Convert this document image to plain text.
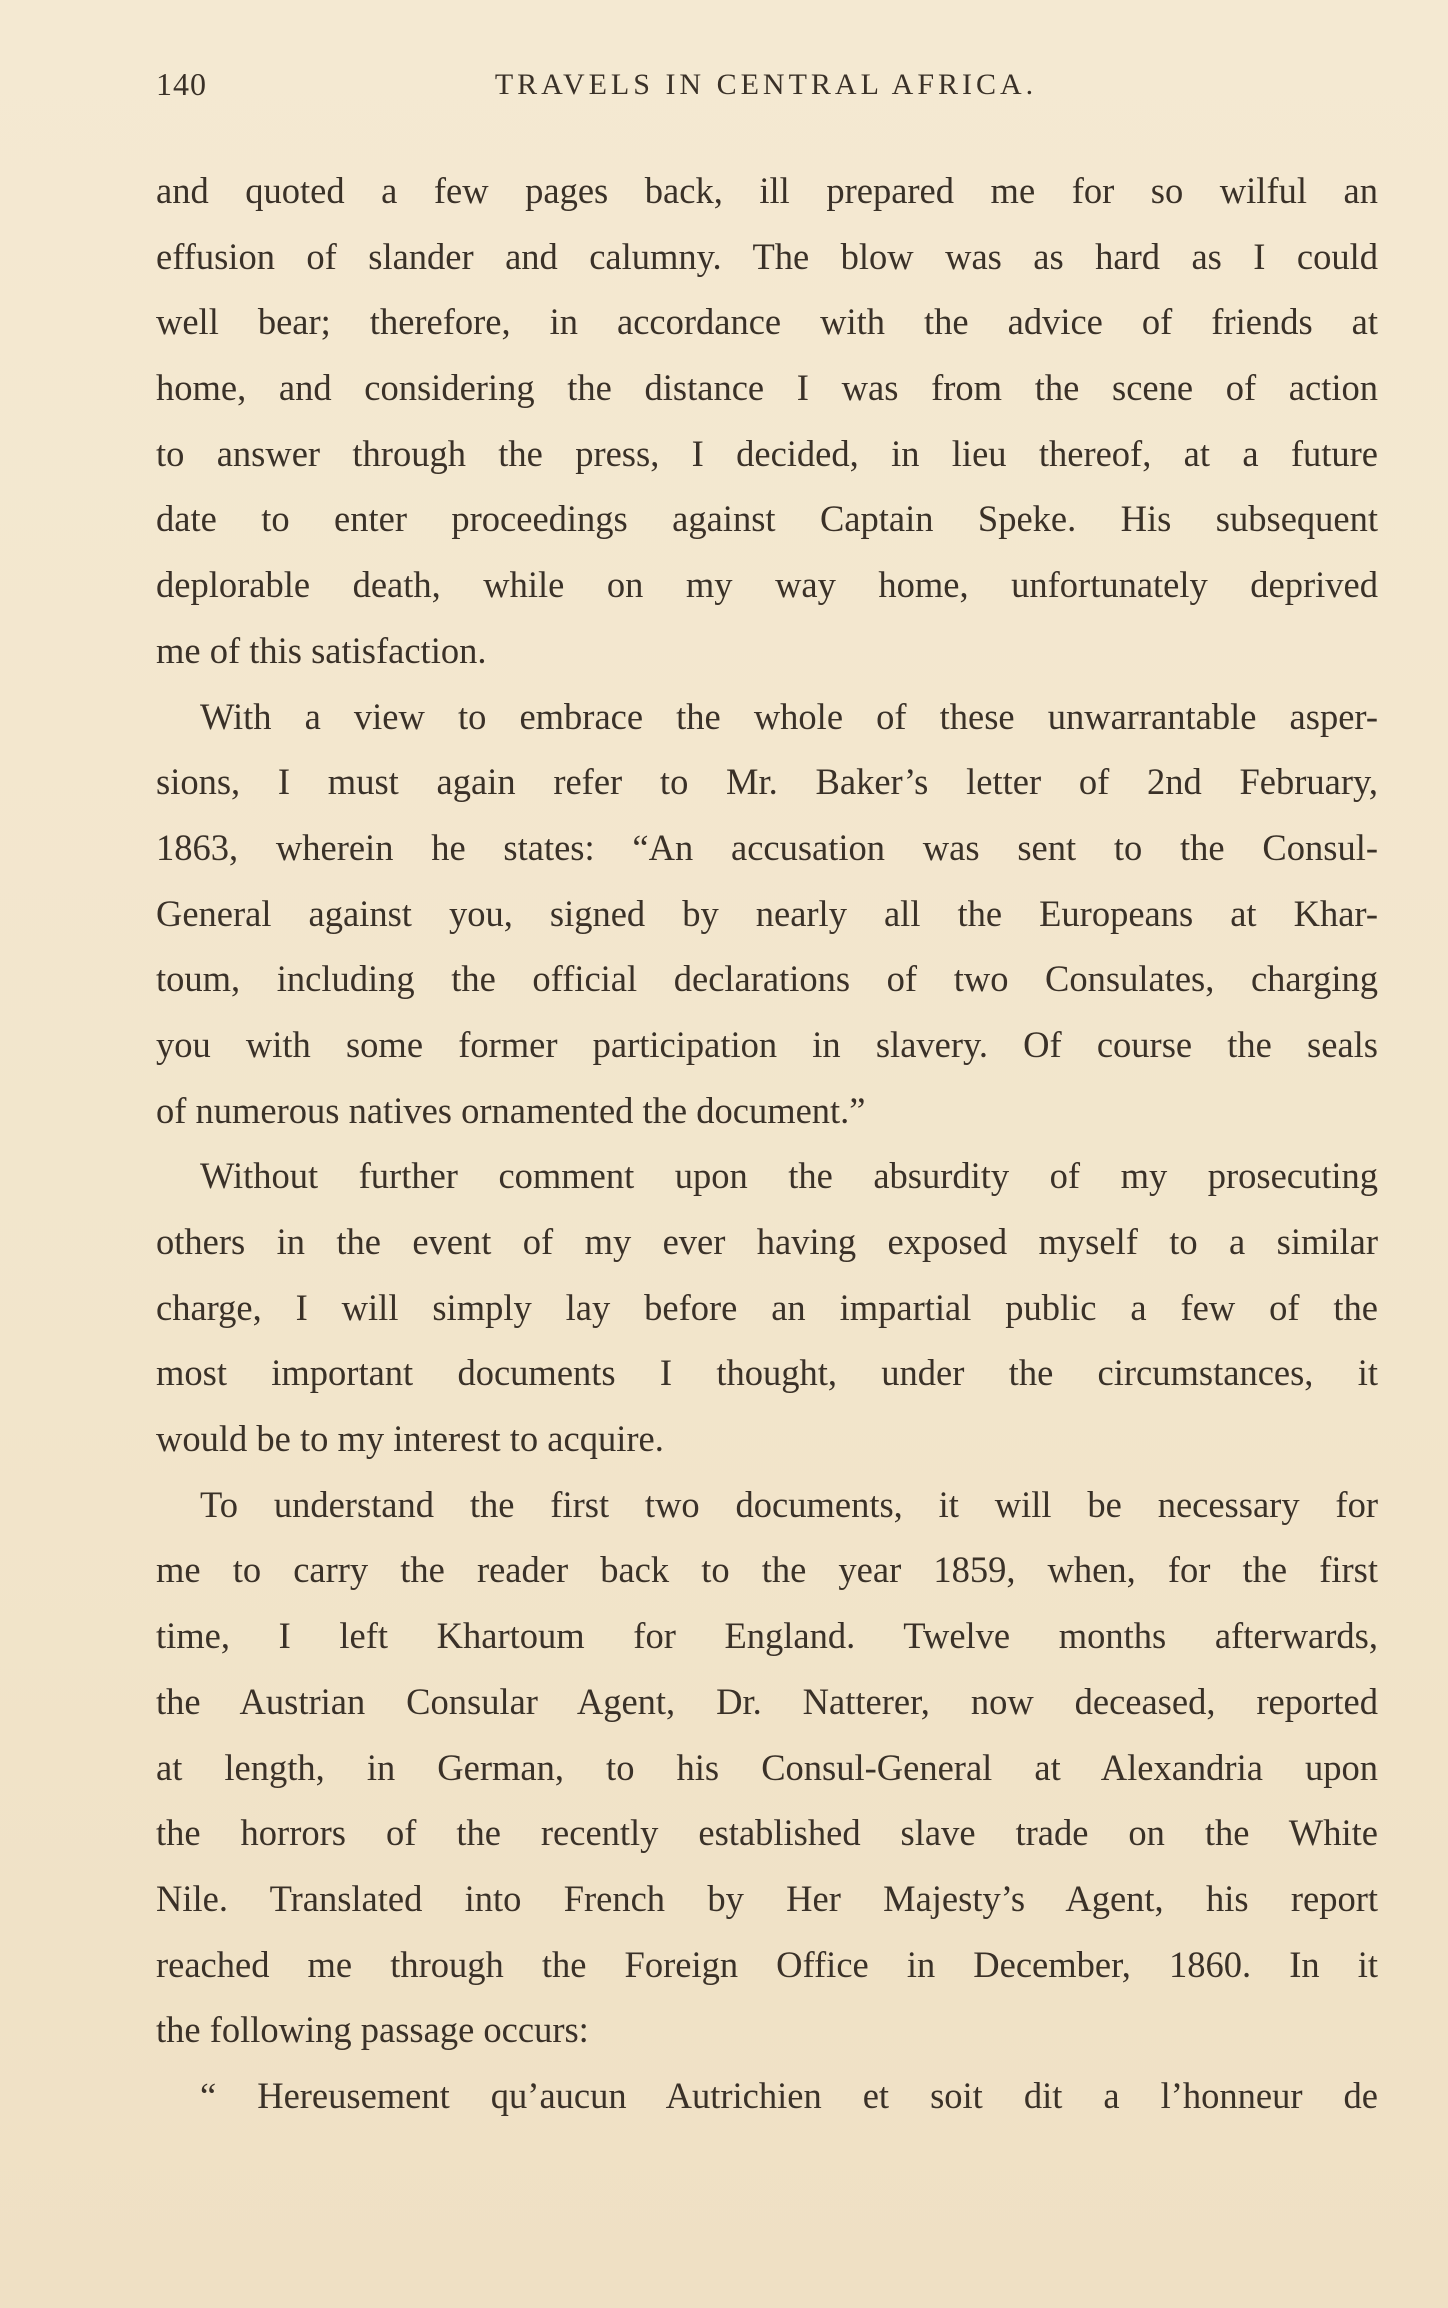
140	TRAVELS IN CENTRAL AFRICA.
and quoted a few pages back, ill prepared me for so wilful an
effusion of slander and calumny. The blow was as hard as I could
well bear; therefore, in accordance with the advice of friends at
home, and considering the distance I was from the scene of action
to answer through the press, I decided, in lieu thereof, at a future
date to enter proceedings against Captain Speke. His subsequent
deplorable death, while on my way home, unfortunately deprived
me of this satisfaction.
With a view to embrace the whole of these unwarrantable asper-
sions, I must again refer to Mr. Baker’s letter of 2nd February,
1863, wherein he states: “An accusation was sent to the Consul-
General against you, signed by nearly all the Europeans at Khar-
toum, including the official declarations of two Consulates, charging
you with some former participation in slavery. Of course the seals
of numerous natives ornamented the document.”
Without further comment upon the absurdity of my prosecuting
others in the event of my ever having exposed myself to a similar
charge, I will simply lay before an impartial public a few of the
most important documents I thought, under the circumstances, it
would be to my interest to acquire.
To understand the first two documents, it will be necessary for
me to carry the reader back to the year 1859, when, for the first
time, I left Khartoum for England. Twelve months afterwards,
the Austrian Consular Agent, Dr. Natterer, now deceased, reported
at length, in German, to his Consul-General at Alexandria upon
the horrors of the recently established slave trade on the White
Nile. Translated into French by Her Majesty’s Agent, his report
reached me through the Foreign Office in December, 1860. In it
the following passage occurs:
“ Hereusement qu’aucun Autrichien et soit dit a l’honneur de
